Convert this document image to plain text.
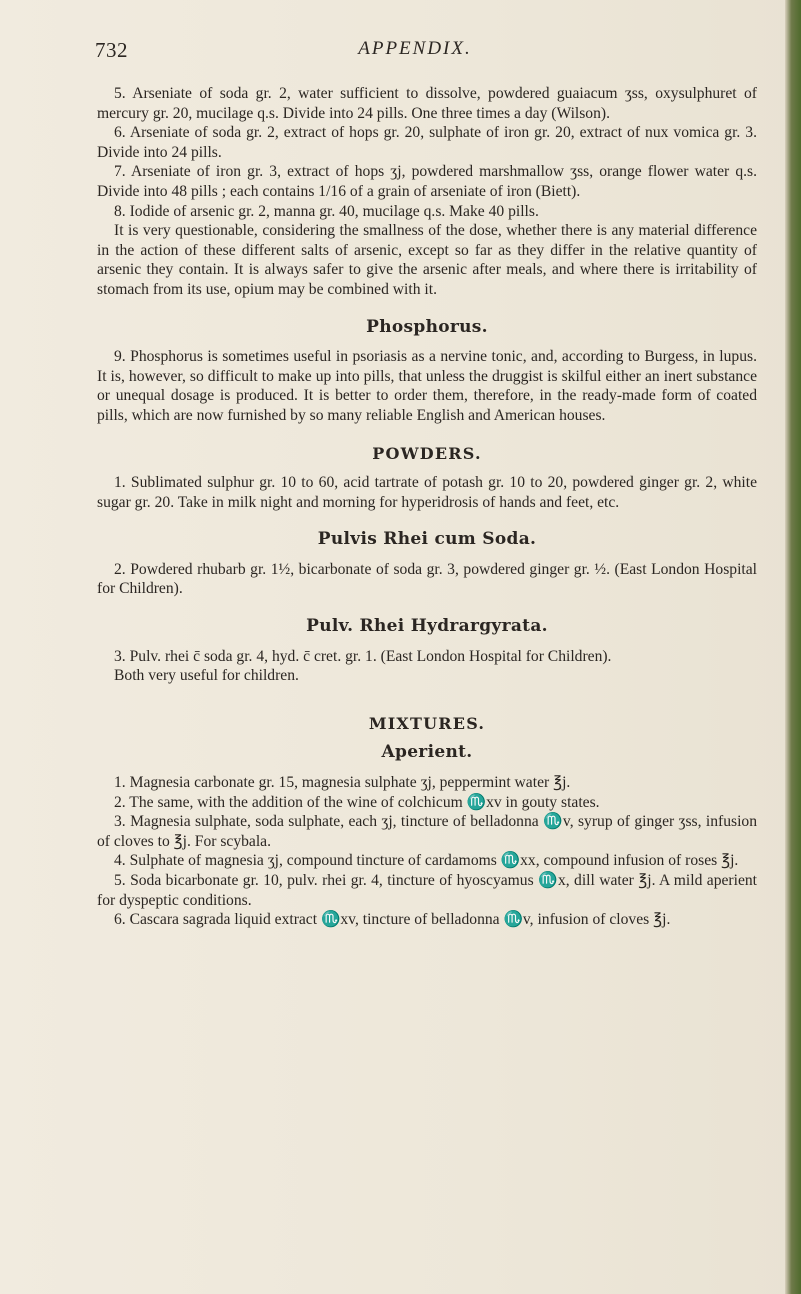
732	APPENDIX.

5. Arseniate of soda gr. 2, water sufficient to dissolve, powdered guaiacum ʒss, oxysulphuret of mercury gr. 20, mucilage q.s. Divide into 24 pills. One three times a day (Wilson).

6. Arseniate of soda gr. 2, extract of hops gr. 20, sulphate of iron gr. 20, extract of nux vomica gr. 3. Divide into 24 pills.

7. Arseniate of iron gr. 3, extract of hops ʒj, powdered marshmallow ʒss, orange flower water q.s. Divide into 48 pills ; each contains 1/16 of a grain of arseniate of iron (Biett).

8. Iodide of arsenic gr. 2, manna gr. 40, mucilage q.s. Make 40 pills.

It is very questionable, considering the smallness of the dose, whether there is any material difference in the action of these different salts of arsenic, except so far as they differ in the relative quantity of arsenic they contain. It is always safer to give the arsenic after meals, and where there is irritability of stomach from its use, opium may be combined with it.

Phosphorus.

9. Phosphorus is sometimes useful in psoriasis as a nervine tonic, and, according to Burgess, in lupus. It is, however, so difficult to make up into pills, that unless the druggist is skilful either an inert substance or unequal dosage is produced. It is better to order them, therefore, in the ready-made form of coated pills, which are now furnished by so many reliable English and American houses.

POWDERS.

1. Sublimated sulphur gr. 10 to 60, acid tartrate of potash gr. 10 to 20, powdered ginger gr. 2, white sugar gr. 20. Take in milk night and morning for hyperidrosis of hands and feet, etc.

Pulvis Rhei cum Soda.

2. Powdered rhubarb gr. 1½, bicarbonate of soda gr. 3, powdered ginger gr. ½. (East London Hospital for Children).

Pulv. Rhei Hydrargyrata.

3. Pulv. rhei c̄ soda gr. 4, hyd. c̄ cret. gr. 1. (East London Hospital for Children).

Both very useful for children.

MIXTURES.
Aperient.

1. Magnesia carbonate gr. 15, magnesia sulphate ʒj, peppermint water ℥j.

2. The same, with the addition of the wine of colchicum ♏xv in gouty states.

3. Magnesia sulphate, soda sulphate, each ʒj, tincture of belladonna ♏v, syrup of ginger ʒss, infusion of cloves to ℥j. For scybala.

4. Sulphate of magnesia ʒj, compound tincture of cardamoms ♏xx, compound infusion of roses ℥j.

5. Soda bicarbonate gr. 10, pulv. rhei gr. 4, tincture of hyoscyamus ♏x, dill water ℥j. A mild aperient for dyspeptic conditions.

6. Cascara sagrada liquid extract ♏xv, tincture of belladonna ♏v, infusion of cloves ℥j.
